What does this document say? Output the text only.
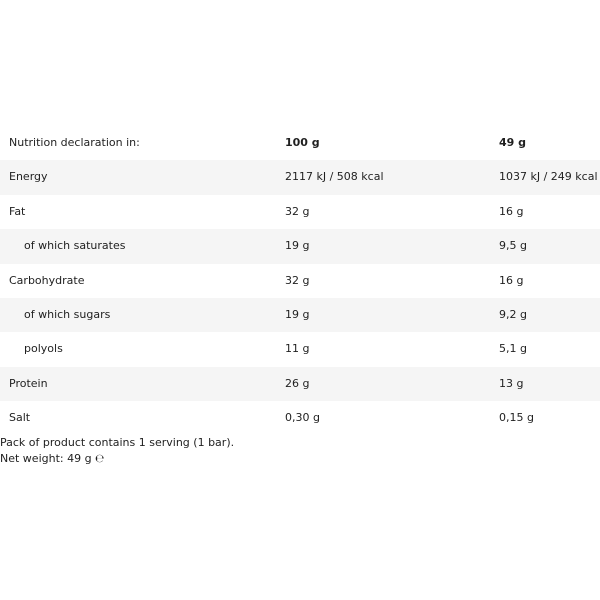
Nutrition declaration in:	100 g	49 g
Energy	2117 kJ / 508 kcal	1037 kJ / 249 kcal
Fat	32 g	16 g
of which saturates	19 g	9,5 g
Carbohydrate	32 g	16 g
of which sugars	19 g	9,2 g
polyols	11 g	5,1 g
Protein	26 g	13 g
Salt	0,30 g	0,15 g
Pack of product contains 1 serving (1 bar).
Net weight: 49 g ℮
